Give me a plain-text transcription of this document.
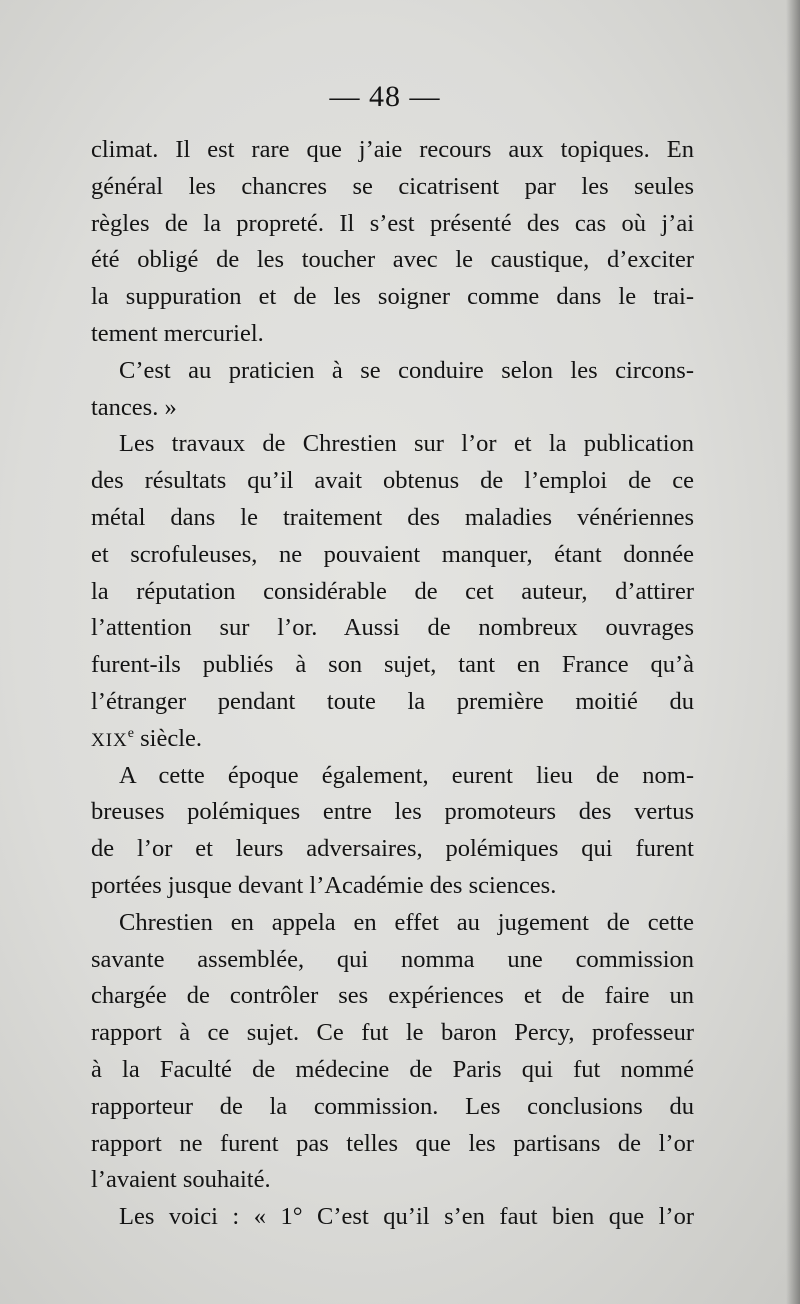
— 48 —
climat. Il est rare que j’aie recours aux topiques. En
général les chancres se cicatrisent par les seules
règles de la propreté. Il s’est présenté des cas où j’ai
été obligé de les toucher avec le caustique, d’exciter
la suppuration et de les soigner comme dans le trai-
tement mercuriel.
C’est au praticien à se conduire selon les circons-
tances. »
Les travaux de Chrestien sur l’or et la publication
des résultats qu’il avait obtenus de l’emploi de ce
métal dans le traitement des maladies vénériennes
et scrofuleuses, ne pouvaient manquer, étant donnée
la réputation considérable de cet auteur, d’attirer
l’attention sur l’or. Aussi de nombreux ouvrages
furent-ils publiés à son sujet, tant en France qu’à
l’étranger pendant toute la première moitié du
XIXe siècle.
A cette époque également, eurent lieu de nom-
breuses polémiques entre les promoteurs des vertus
de l’or et leurs adversaires, polémiques qui furent
portées jusque devant l’Académie des sciences.
Chrestien en appela en effet au jugement de cette
savante assemblée, qui nomma une commission
chargée de contrôler ses expériences et de faire un
rapport à ce sujet. Ce fut le baron Percy, professeur
à la Faculté de médecine de Paris qui fut nommé
rapporteur de la commission. Les conclusions du
rapport ne furent pas telles que les partisans de l’or
l’avaient souhaité.
Les voici : « 1° C’est qu’il s’en faut bien que l’or
